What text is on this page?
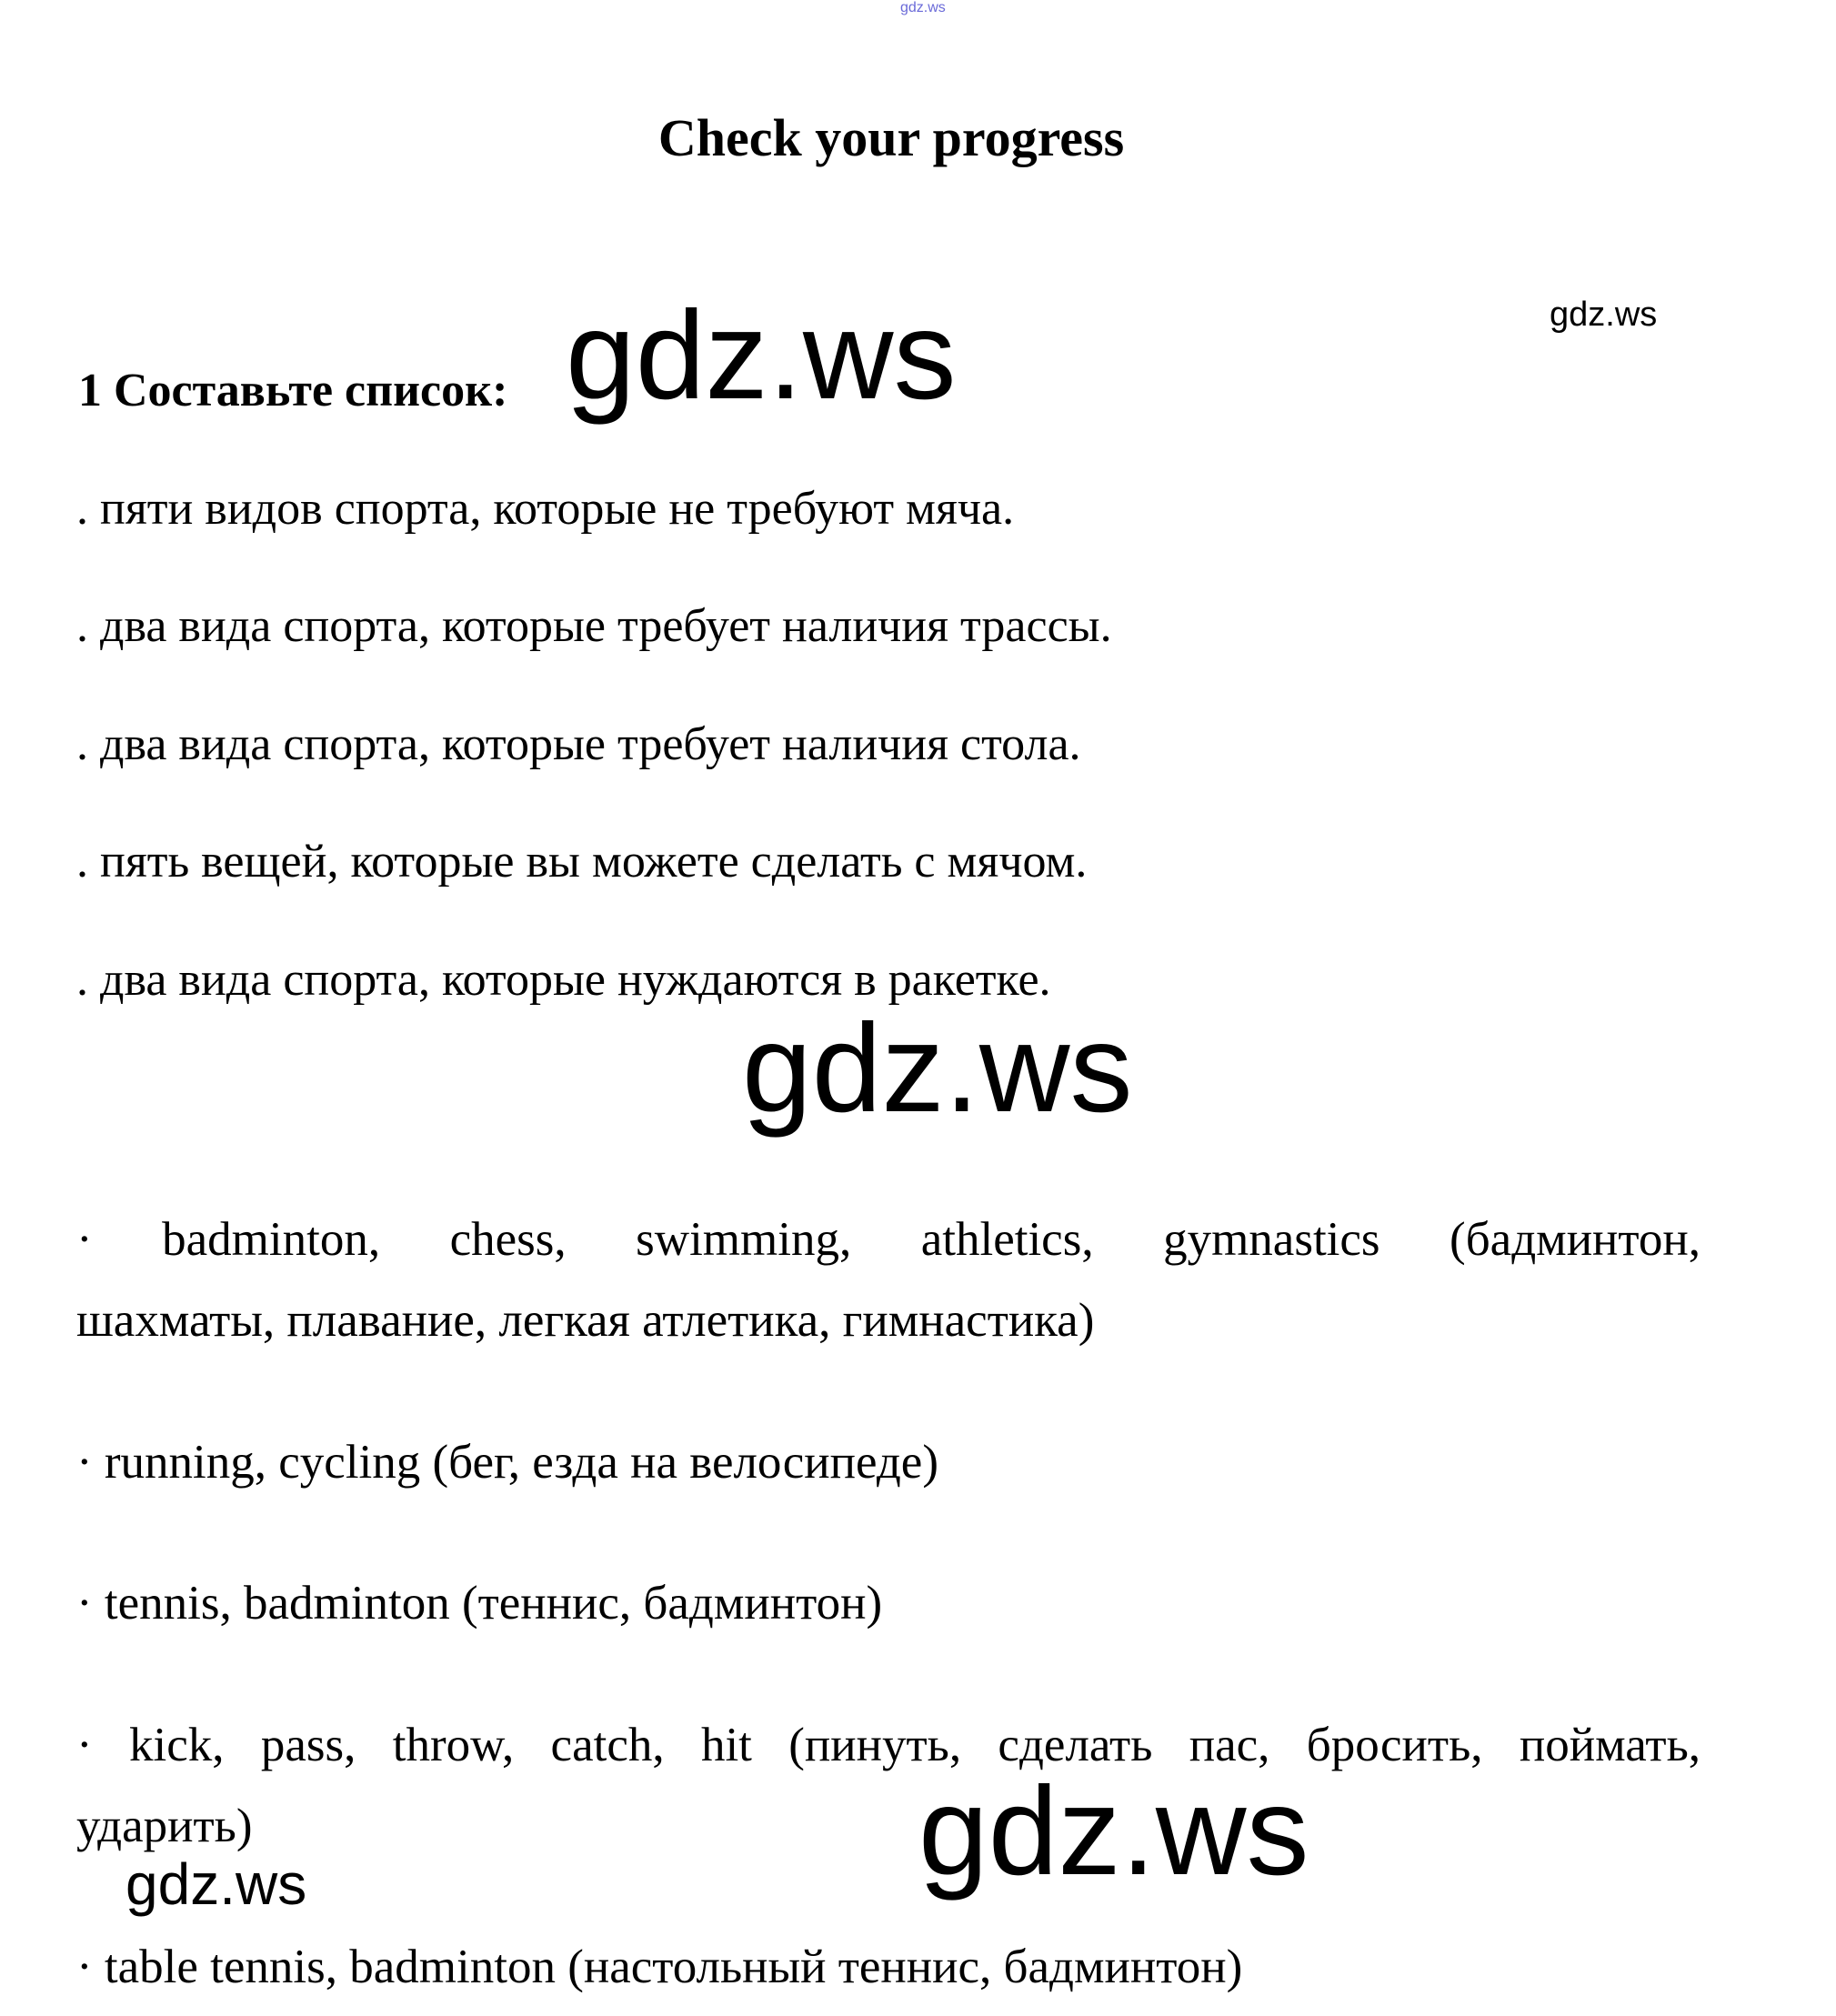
gdz.ws
Check your progress
gdz.ws
1 Составьте список: gdz.ws
. пяти видов спорта, которые не требуют мяча.
. два вида спорта, которые требует наличия трассы.
. два вида спорта, которые требует наличия стола.
. пять вещей, которые вы можете сделать с мячом.
. два вида спорта, которые нуждаются в ракетке.
gdz.ws
· badminton, chess, swimming, athletics, gymnastics (бадминтон,
шахматы, плавание, легкая атлетика, гимнастика)
· running, cycling (бег, езда на велосипеде)
· tennis, badminton (теннис, бадминтон)
· kick, pass, throw, catch, hit (пинуть, сделать пас, бросить, поймать,
ударить)	gdz.ws
gdz.ws
· table tennis, badminton (настольный теннис, бадминтон)
